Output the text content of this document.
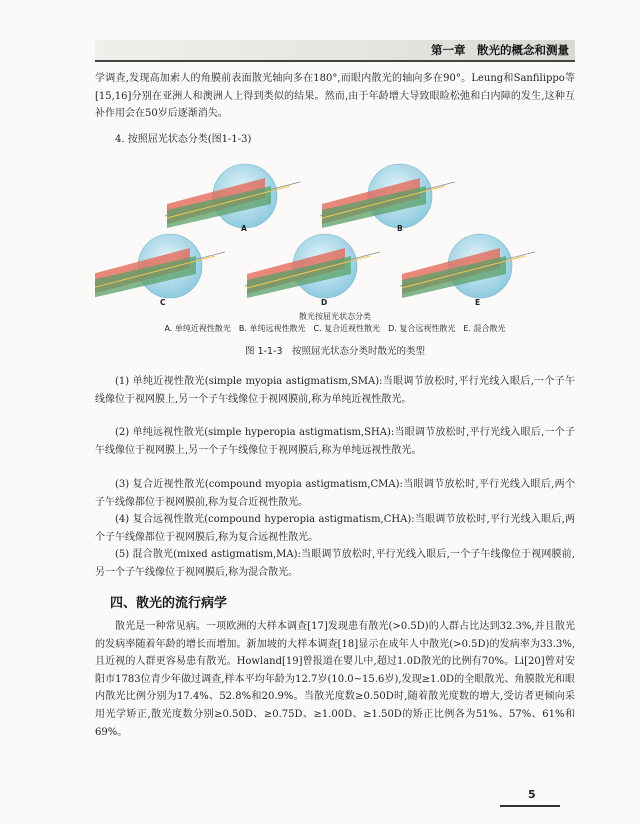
第一章　散光的概念和测量

学调查,发现高加索人的角膜前表面散光轴向多在180°,而眼内散光的轴向多在90°。Leung和Sanfilippo等[15,16]分别在亚洲人和澳洲人上得到类似的结果。然而,由于年龄增大导致眼睑松弛和白内障的发生,这种互补作用会在50岁后逐渐消失。

4. 按照屈光状态分类(图1-1-3)

A	B
C	D	E
散光按屈光状态分类
A. 单纯近视性散光　B. 单纯远视性散光　C. 复合近视性散光　D. 复合远视性散光　E. 混合散光
图 1-1-3　按照屈光状态分类时散光的类型

(1) 单纯近视性散光(simple myopia astigmatism,SMA):当眼调节放松时,平行光线入眼后,一个子午线像位于视网膜上,另一个子午线像位于视网膜前,称为单纯近视性散光。

(2) 单纯远视性散光(simple hyperopia astigmatism,SHA):当眼调节放松时,平行光线入眼后,一个子午线像位于视网膜上,另一个子午线像位于视网膜后,称为单纯远视性散光。

(3) 复合近视性散光(compound myopia astigmatism,CMA):当眼调节放松时,平行光线入眼后,两个子午线像都位于视网膜前,称为复合近视性散光。

(4) 复合远视性散光(compound hyperopia astigmatism,CHA):当眼调节放松时,平行光线入眼后,两个子午线像都位于视网膜后,称为复合远视性散光。

(5) 混合散光(mixed astigmatism,MA):当眼调节放松时,平行光线入眼后,一个子午线像位于视网膜前,另一个子午线像位于视网膜后,称为混合散光。

四、散光的流行病学

散光是一种常见病。一项欧洲的大样本调查[17]发现患有散光(>0.5D)的人群占比达到32.3%,并且散光的发病率随着年龄的增长而增加。新加坡的大样本调查[18]显示在成年人中散光(>0.5D)的发病率为33.3%,且近视的人群更容易患有散光。Howland[19]曾报道在婴儿中,超过1.0D散光的比例有70%。Li[20]曾对安阳市1783位青少年做过调查,样本平均年龄为12.7岁(10.0~15.6岁),发现≥1.0D的全眼散光、角膜散光和眼内散光比例分别为17.4%、52.8%和20.9%。当散光度数≥0.50D时,随着散光度数的增大,受访者更倾向采用光学矫正,散光度数分别≥0.50D、≥0.75D、≥1.00D、≥1.50D的矫正比例各为51%、57%、61%和69%。

5
